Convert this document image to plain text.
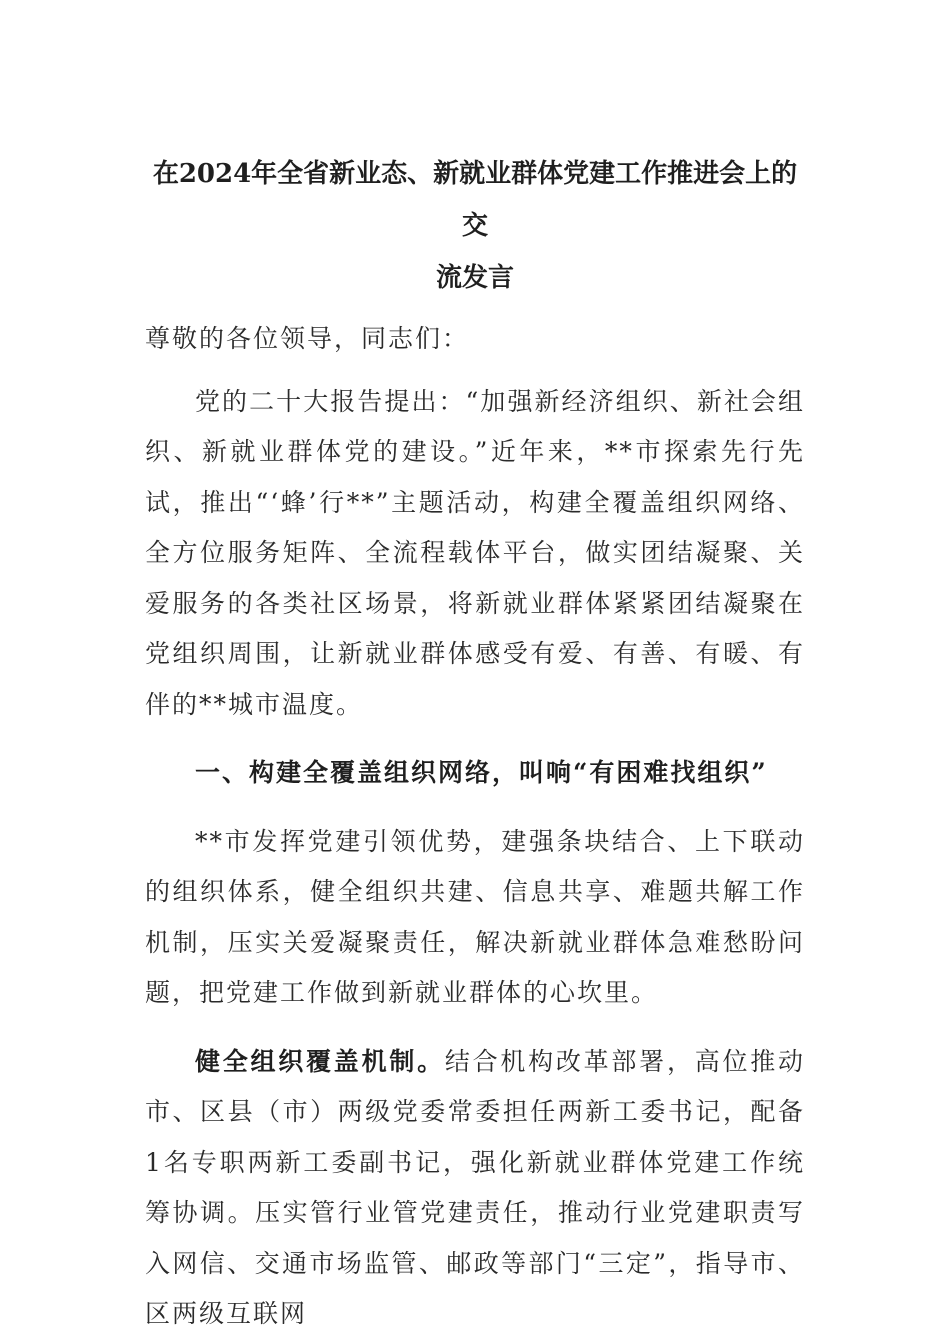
在2024年全省新业态、新就业群体党建工作推进会上的交
流发言

尊敬的各位领导，同志们：

党的二十大报告提出：“加强新经济组织、新社会组织、新就业群体党的建设。”近年来，**市探索先行先试，推出“‘蜂’行**”主题活动，构建全覆盖组织网络、全方位服务矩阵、全流程载体平台，做实团结凝聚、关爱服务的各类社区场景，将新就业群体紧紧团结凝聚在党组织周围，让新就业群体感受有爱、有善、有暖、有伴的**城市温度。

一、构建全覆盖组织网络，叫响“有困难找组织”

**市发挥党建引领优势，建强条块结合、上下联动的组织体系，健全组织共建、信息共享、难题共解工作机制，压实关爱凝聚责任，解决新就业群体急难愁盼问题，把党建工作做到新就业群体的心坎里。

健全组织覆盖机制。结合机构改革部署，高位推动市、区县（市）两级党委常委担任两新工委书记，配备1名专职两新工委副书记，强化新就业群体党建工作统筹协调。压实管行业管党建责任，推动行业党建职责写入网信、交通市场监管、邮政等部门“三定”，指导市、区两级互联网
